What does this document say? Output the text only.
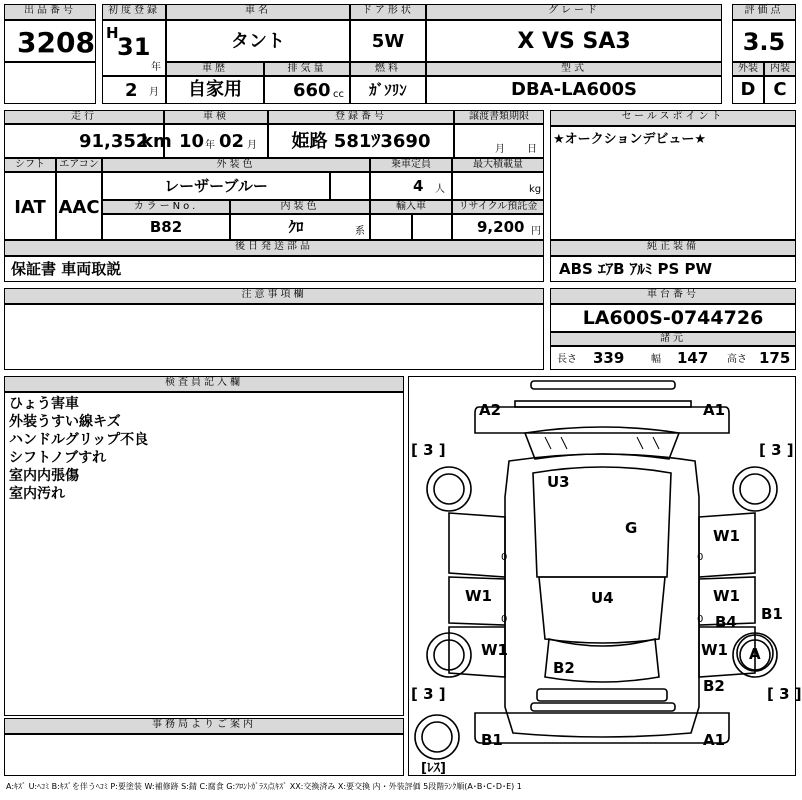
出品番号
3208
初度登録
H
31
年
2 月
車名
タント
車歴
自家用
排気量
660 cc
ドア形状
5W
燃料
ｶﾞｿﾘﾝ
グレード
X VS SA3
型式
DBA-LA600S
評価点
3.5
外装	内装
D C
走行
91,352
km
車検
10 年 02 月
登録番号
姫路 581ﾂ3690
譲渡書類期限
月 日
セールスポイント
★オークションデビュー★
シフト
IAT
エアコン
AAC
外装色
レーザーブルー
乗車定員
4 人
最大積載量
kg
カラーNo.
B82
内装色
ｸﾛ	系
輸入車	リサイクル預託金
9,200 円
後日発送部品
保証書 車両取説
純正装備
ABS ｴｱB ｱﾙﾐ PS PW
注意事項欄	車台番号
LA600S-0744726
諸元
長さ 339	幅 147 高さ 175
検査員記入欄
ひょう害車
外装うすい線キズ
ハンドルグリップ不良
シフトノブすれ
室内内張傷
室内汚れ
事務局よりご案内
[ 3 ]	[ 3 ]
[ 3 ]	[ 3 ]
[ﾚｽ]
A2	A1
U3
G	W1
W1	U4	W1
B4 B1
W1	W1 A
B2
B2
B1	A1
0
0
0
0
A:ｷｽﾞ U:ﾍｺﾐ B:ｷｽﾞを伴うﾍｺﾐ P:要塗装 W:補修跡 S:錆 C:腐食 G:ﾌﾛﾝﾄｶﾞﾗｽ点ｷｽﾞ XX:交換済み X:要交換 内・外装評価 5段階ﾗﾝｸ順(A･B･C･D･E) 1
